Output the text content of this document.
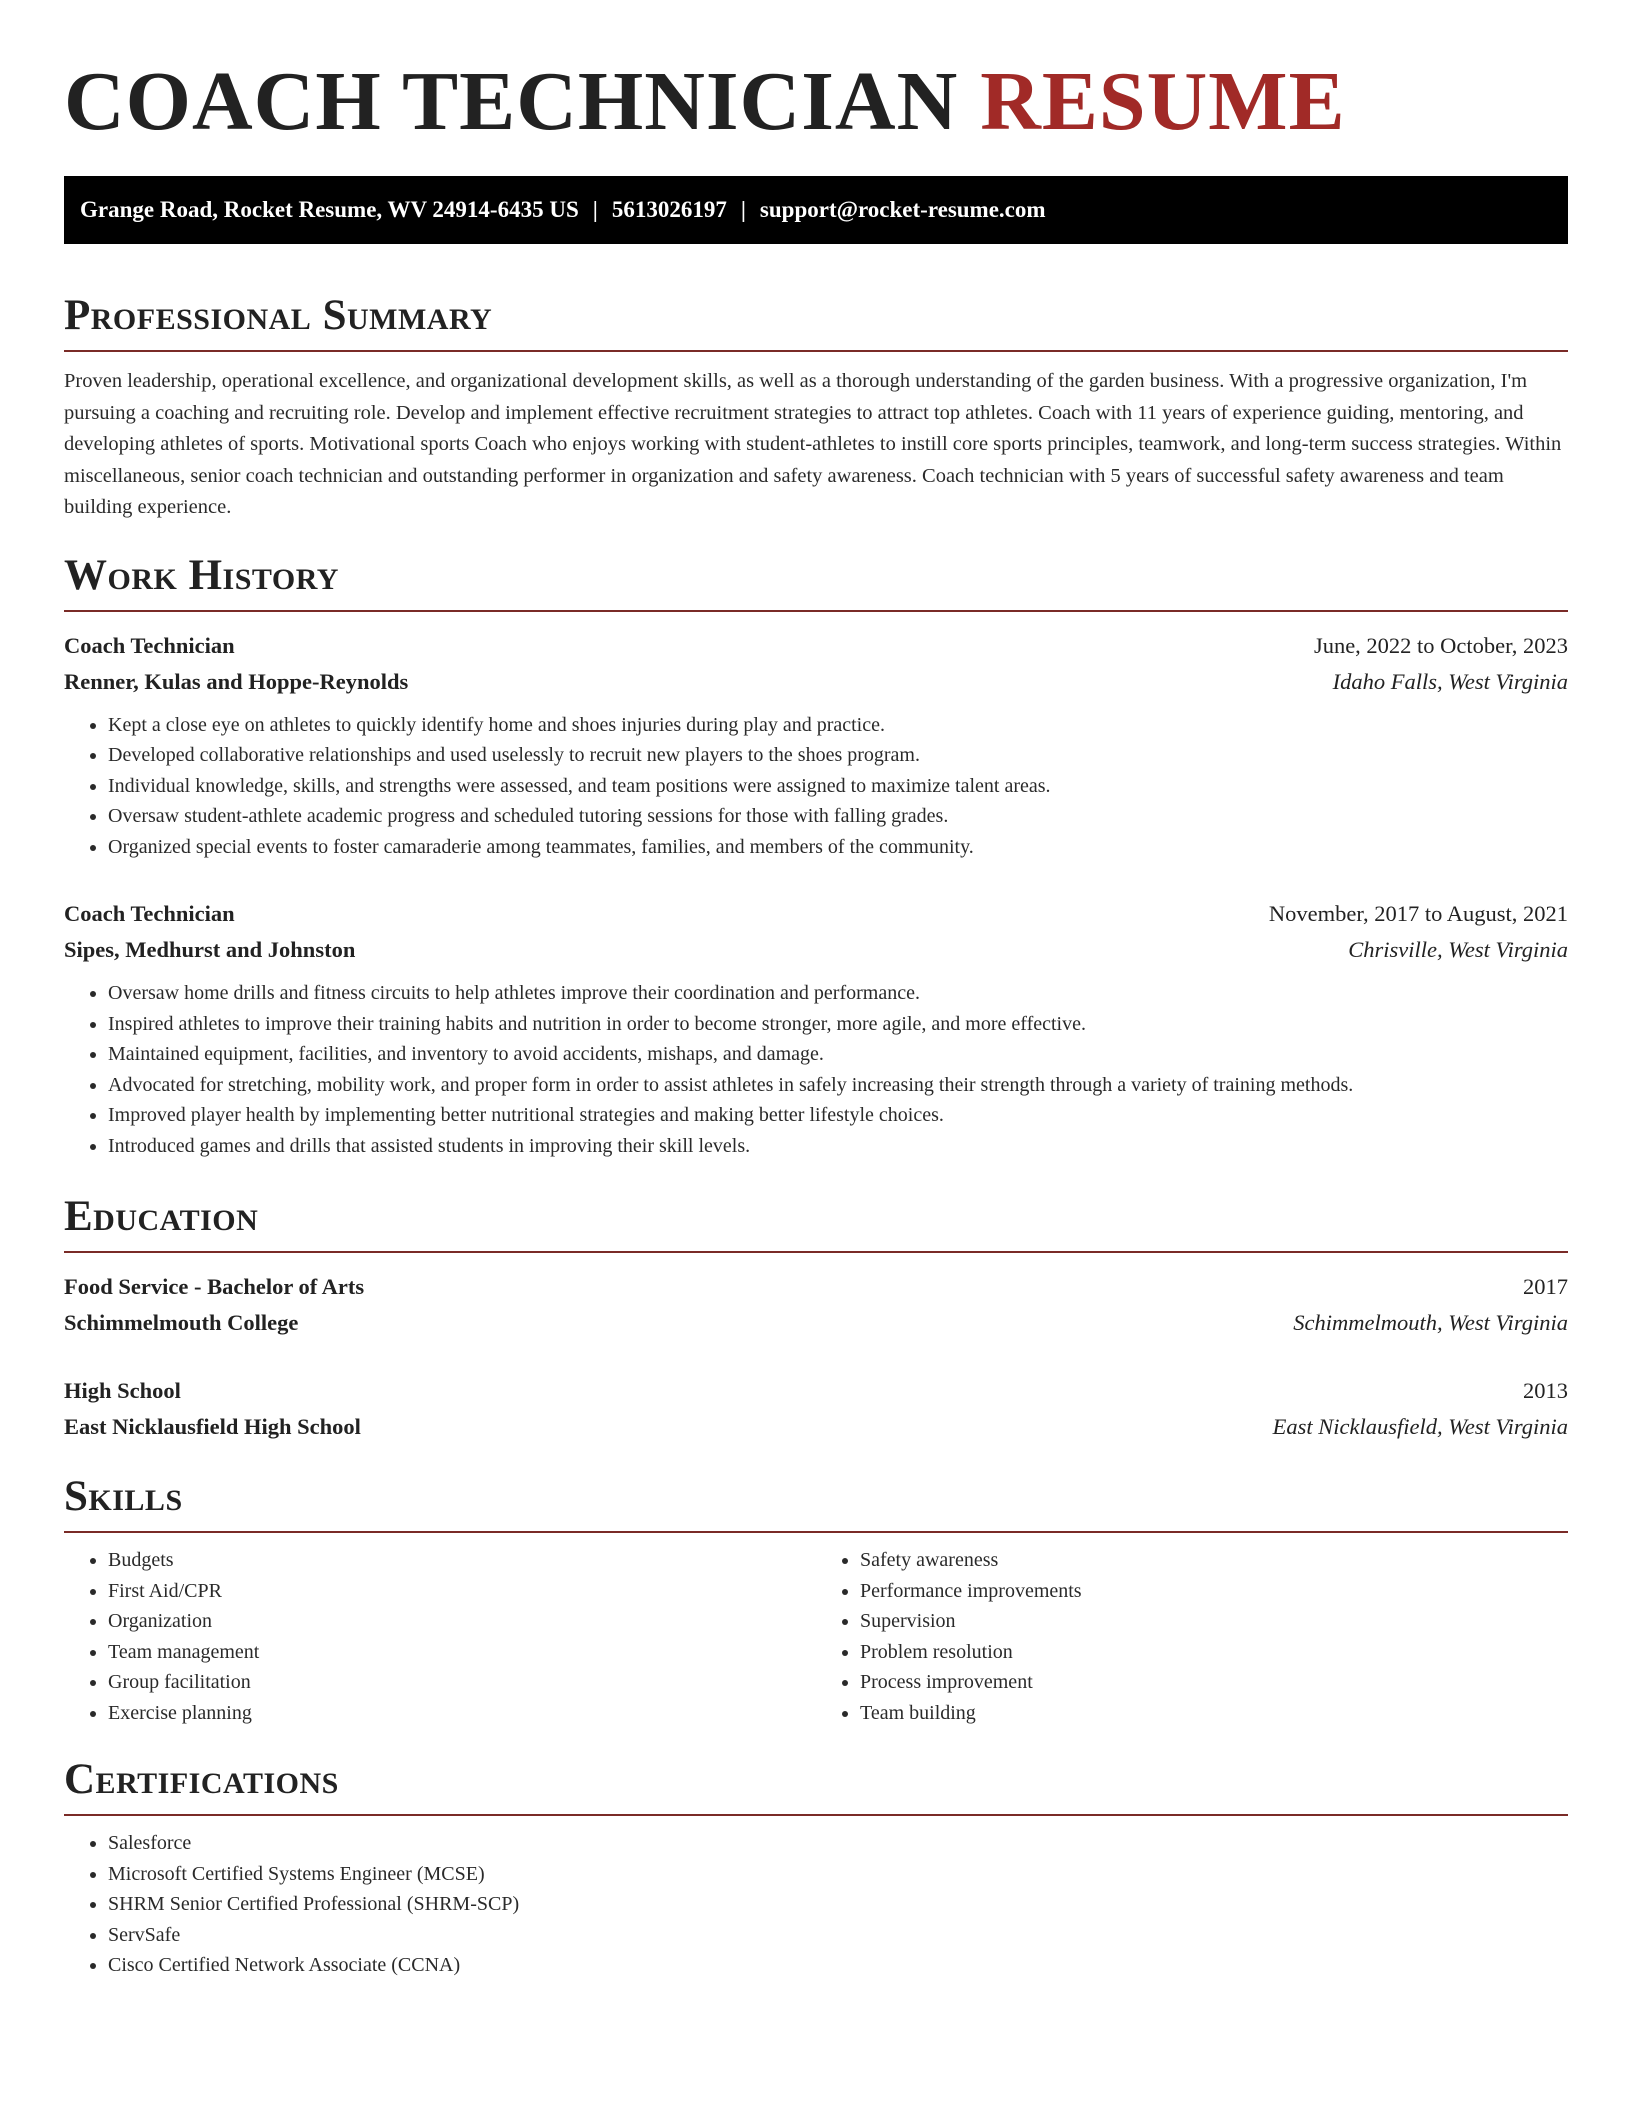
COACH TECHNICIAN RESUME
Grange Road, Rocket Resume, WV 24914-6435 US | 5613026197 | support@rocket-resume.com
Professional Summary

Proven leadership, operational excellence, and organizational development skills, as well as a thorough understanding of the garden business. With a progressive organization, I'm pursuing a coaching and recruiting role. Develop and implement effective recruitment strategies to attract top athletes. Coach with 11 years of experience guiding, mentoring, and developing athletes of sports. Motivational sports Coach who enjoys working with student-athletes to instill core sports principles, teamwork, and long-term success strategies. Within miscellaneous, senior coach technician and outstanding performer in organization and safety awareness. Coach technician with 5 years of successful safety awareness and team building experience.

Work History
Coach Technician	June, 2022 to October, 2023
Renner, Kulas and Hoppe-Reynolds	Idaho Falls, West Virginia
• Kept a close eye on athletes to quickly identify home and shoes injuries during play and practice.
• Developed collaborative relationships and used uselessly to recruit new players to the shoes program.
• Individual knowledge, skills, and strengths were assessed, and team positions were assigned to maximize talent areas.
• Oversaw student-athlete academic progress and scheduled tutoring sessions for those with falling grades.
• Organized special events to foster camaraderie among teammates, families, and members of the community.
Coach Technician	November, 2017 to August, 2021
Sipes, Medhurst and Johnston	Chrisville, West Virginia
• Oversaw home drills and fitness circuits to help athletes improve their coordination and performance.
• Inspired athletes to improve their training habits and nutrition in order to become stronger, more agile, and more effective.
• Maintained equipment, facilities, and inventory to avoid accidents, mishaps, and damage.
• Advocated for stretching, mobility work, and proper form in order to assist athletes in safely increasing their strength through a variety of training methods.
• Improved player health by implementing better nutritional strategies and making better lifestyle choices.
• Introduced games and drills that assisted students in improving their skill levels.
Education
Food Service - Bachelor of Arts	2017
Schimmelmouth College	Schimmelmouth, West Virginia
High School	2013
East Nicklausfield High School	East Nicklausfield, West Virginia
Skills
• Budgets
• First Aid/CPR
• Organization
• Team management
• Group facilitation
• Exercise planning
• Safety awareness
• Performance improvements
• Supervision
• Problem resolution
• Process improvement
• Team building
Certifications
• Salesforce
• Microsoft Certified Systems Engineer (MCSE)
• SHRM Senior Certified Professional (SHRM-SCP)
• ServSafe
• Cisco Certified Network Associate (CCNA)
